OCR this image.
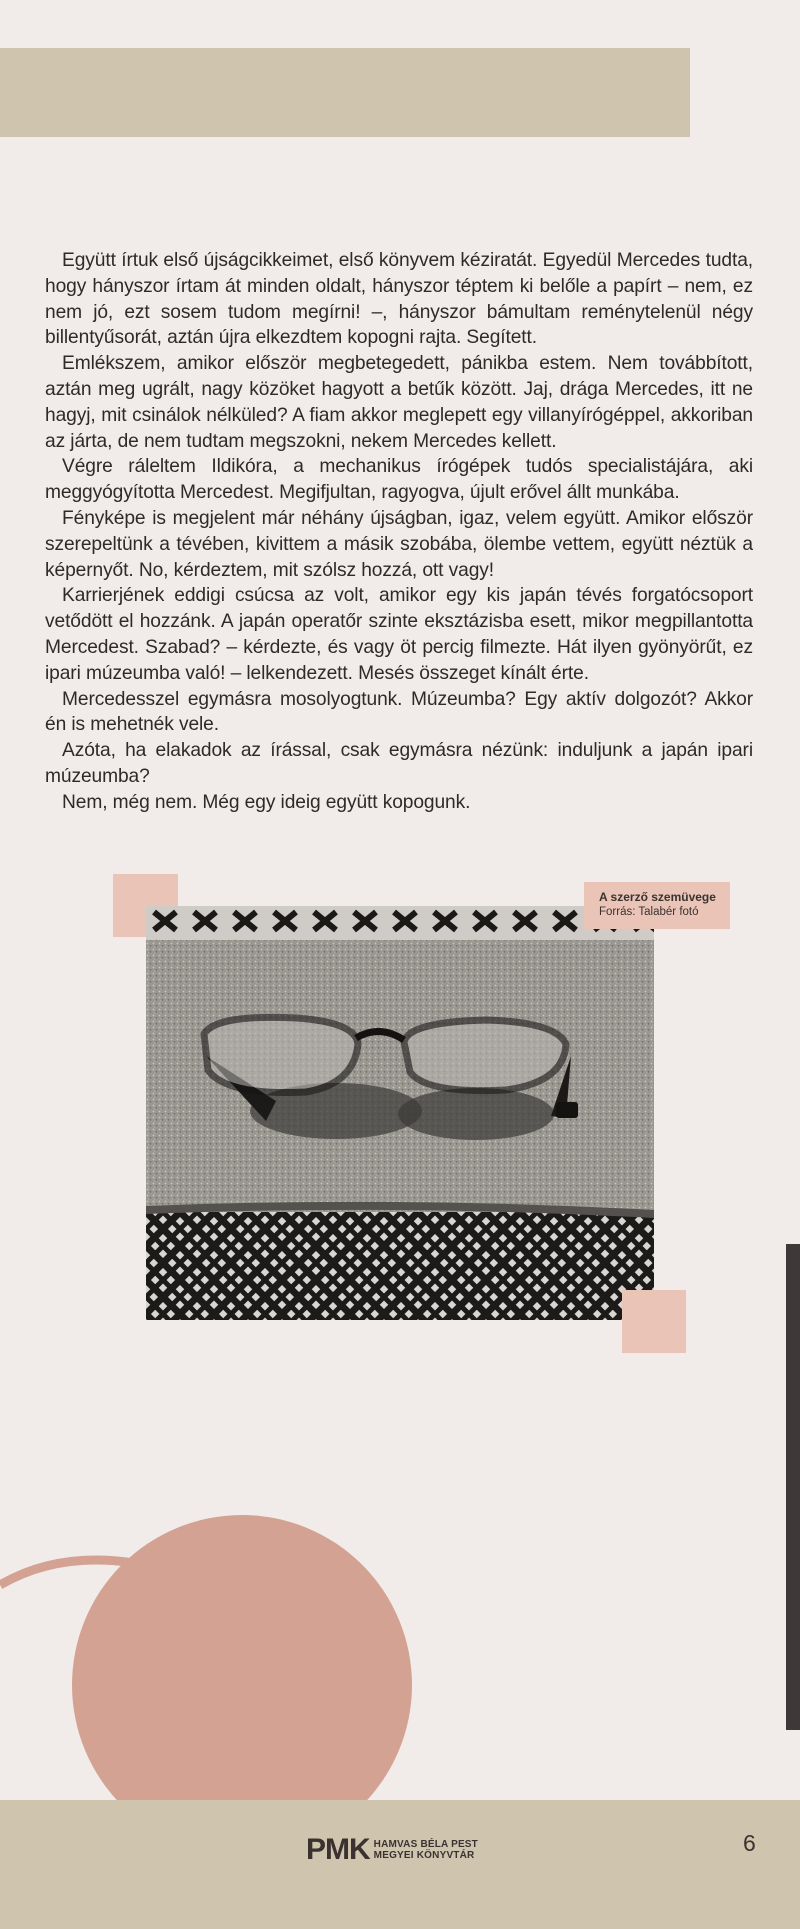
Együtt írtuk első újságcikkeimet, első könyvem kéziratát. Egyedül Mercedes tudta, hogy hányszor írtam át minden oldalt, hányszor téptem ki belőle a papírt – nem, ez nem jó, ezt sosem tudom megírni! –, hányszor bámultam reménytelenül négy billentyűsorát, aztán újra elkezdtem kopogni rajta. Segített.

Emlékszem, amikor először megbetegedett, pánikba estem. Nem továbbított, aztán meg ugrált, nagy közöket hagyott a betűk között. Jaj, drága Mercedes, itt ne hagyj, mit csinálok nélküled? A fiam akkor meglepett egy villanyírógéppel, akkoriban az járta, de nem tudtam megszokni, nekem Mercedes kellett.

Végre ráleltem Ildikóra, a mechanikus írógépek tudós specialistájára, aki meggyógyította Mercedest. Megifjultan, ragyogva, újult erővel állt munkába.

Fényképe is megjelent már néhány újságban, igaz, velem együtt. Amikor először szerepeltünk a tévében, kivittem a másik szobába, ölembe vettem, együtt néztük a képernyőt. No, kérdeztem, mit szólsz hozzá, ott vagy!

Karrierjének eddigi csúcsa az volt, amikor egy kis japán tévés forgatócsoport vetődött el hozzánk. A japán operatőr szinte eksztázisba esett, mikor megpillantotta Mercedest. Szabad? – kérdezte, és vagy öt percig filmezte. Hát ilyen gyönyörűt, ez ipari múzeumba való! – lelkendezett. Mesés összeget kínált érte.

Mercedesszel egymásra mosolyogtunk. Múzeumba? Egy aktív dolgozót? Akkor én is mehetnék vele.

Azóta, ha elakadok az írással, csak egymásra nézünk: induljunk a japán ipari múzeumba?

Nem, még nem. Még egy ideig együtt kopogunk.

A szerző szemüvege
Forrás: Talabér fotó
PMK HAMVAS BÉLA PEST
MEGYEI KÖNYVTÁR	6
